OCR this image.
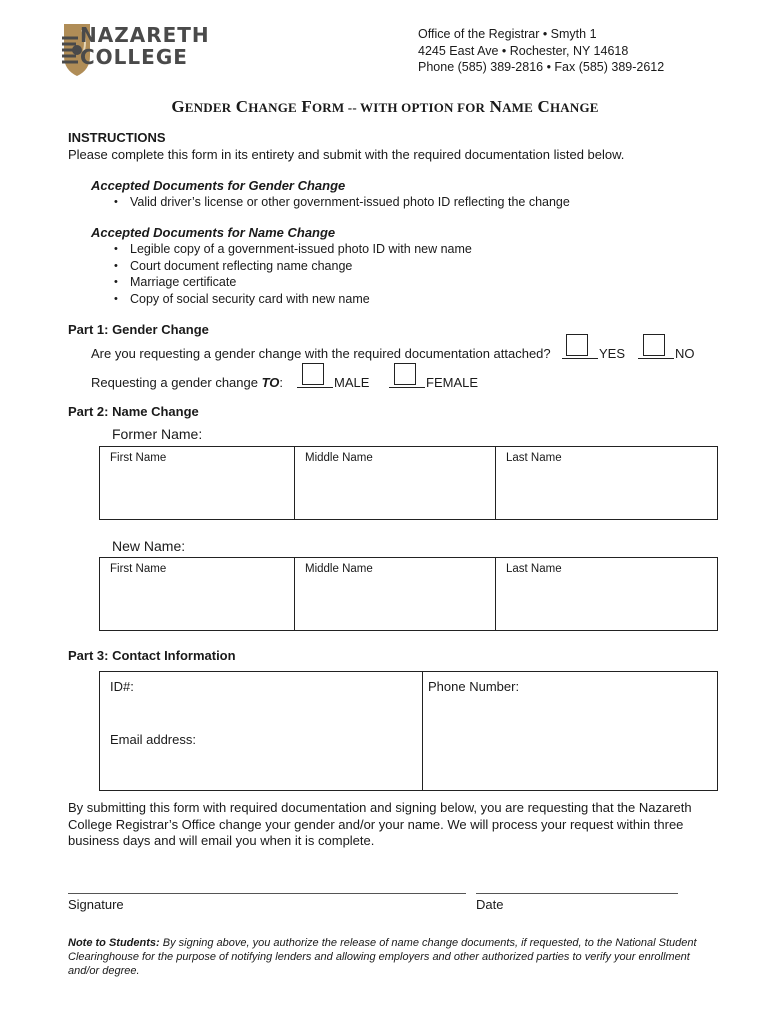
NAZARETH
COLLEGE
Office of the Registrar • Smyth 1
4245 East Ave • Rochester, NY 14618
Phone (585) 389-2816 • Fax (585) 389-2612
GENDER CHANGE FORM -- WITH OPTION FOR NAME CHANGE
INSTRUCTIONS
Please complete this form in its entirety and submit with the required documentation listed below.
Accepted Documents for Gender Change
• Valid driver’s license or other government-issued photo ID reflecting the change
Accepted Documents for Name Change
• Legible copy of a government-issued photo ID with new name
• Court document reflecting name change
• Marriage certificate
• Copy of social security card with new name
Part 1: Gender Change
Are you requesting a gender change with the required documentation attached?	YES	NO
Requesting a gender change TO:	MALE	FEMALE
Part 2: Name Change
Former Name:
First Name	Middle Name	Last Name
New Name:
First Name	Middle Name	Last Name
Part 3: Contact Information
ID#:
Email address:

Phone Number:
By submitting this form with required documentation and signing below, you are requesting that the Nazareth College Registrar’s Office change your gender and/or your name. We will process your request within three business days and will email you when it is complete.
Signature	Date
Note to Students: By signing above, you authorize the release of name change documents, if requested, to the National Student Clearinghouse for the purpose of notifying lenders and allowing employers and other authorized parties to verify your enrollment and/or degree.
